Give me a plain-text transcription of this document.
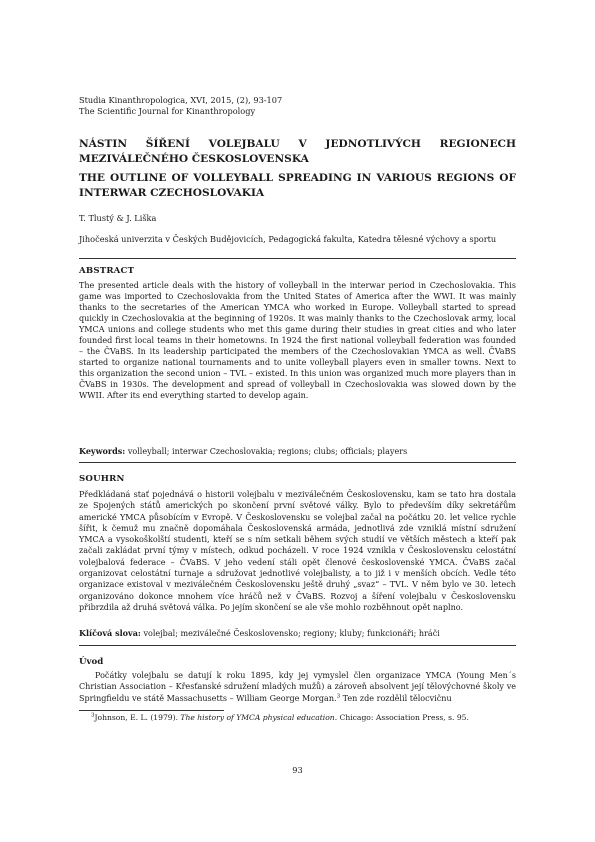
Studia Kinanthropologica, XVI, 2015, (2), 93-107
The Scientific Journal for Kinanthropology
NÁSTIN ŠÍŘENÍ VOLEJBALU V JEDNOTLIVÝCH REGIONECH MEZIVÁLEČNÉHO ČESKOSLOVENSKA
THE OUTLINE OF VOLLEYBALL SPREADING IN VARIOUS REGIONS OF INTERWAR CZECHOSLOVAKIA
T. Tlustý & J. Liška
Jihočeská univerzita v Českých Budějovicích, Pedagogická fakulta, Katedra tělesné výchovy a sportu
ABSTRACT
The presented article deals with the history of volleyball in the interwar period in Czechoslovakia. This game was imported to Czechoslovakia from the United States of America after the WWI. It was mainly thanks to the secretaries of the American YMCA who worked in Europe. Volleyball started to spread quickly in Czechoslovakia at the beginning of 1920s. It was mainly thanks to the Czechoslovak army, local YMCA unions and college students who met this game during their studies in great cities and who later founded first local teams in their hometowns. In 1924 the first national volleyball federation was founded – the ČVaBS. In its leadership participated the members of the Czechoslovakian YMCA as well. ČVaBS started to organize national tournaments and to unite volleyball players even in smaller towns. Next to this organization the second union – TVL – existed. In this union was organized much more players than in ČVaBS in 1930s. The development and spread of volleyball in Czechoslovakia was slowed down by the WWII. After its end everything started to develop again.
Keywords: volleyball; interwar Czechoslovakia; regions; clubs; officials; players
SOUHRN
Předkládaná stať pojednává o historii volejbalu v meziválečném Československu, kam se tato hra dostala ze Spojených států amerických po skončení první světové války. Bylo to především díky sekretářům americké YMCA působícím v Evropě. V Československu se volejbal začal na počátku 20. let velice rychle šířit, k čemuž mu značně dopomáhala Československá armáda, jednotlivá zde vzniklá místní sdružení YMCA a vysokoškolští studenti, kteří se s ním setkali během svých studií ve větších městech a kteří pak začali zakládat první týmy v místech, odkud pocházeli. V roce 1924 vznikla v Československu celostátní volejbalová federace – ČVaBS. V jeho vedení stáli opět členové československé YMCA. ČVaBS začal organizovat celostátní turnaje a sdružovat jednotlivé volejbalisty, a to již i v menších obcích. Vedle této organizace existoval v meziválečném Československu ještě druhý „svaz“ – TVL. V něm bylo ve 30. letech organizováno dokonce mnohem více hráčů než v ČVaBS. Rozvoj a šíření volejbalu v Československu přibrzdila až druhá světová válka. Po jejím skončení se ale vše mohlo rozběhnout opět naplno.
Klíčová slova: volejbal; meziválečné Československo; regiony; kluby; funkcionáři; hráči
Úvod
Počátky volejbalu se datují k roku 1895, kdy jej vymyslel člen organizace YMCA (Young Men´s Christian Association – Křesťanské sdružení mladých mužů) a zároveň absolvent její tělovýchovné školy ve Springfieldu ve státě Massachusetts – William George Morgan.$^3$ Ten zde rozdělil tělocvičnu
$^3$Johnson, E. L. (1979). The history of YMCA physical education. Chicago: Association Press, s. 95.
93
